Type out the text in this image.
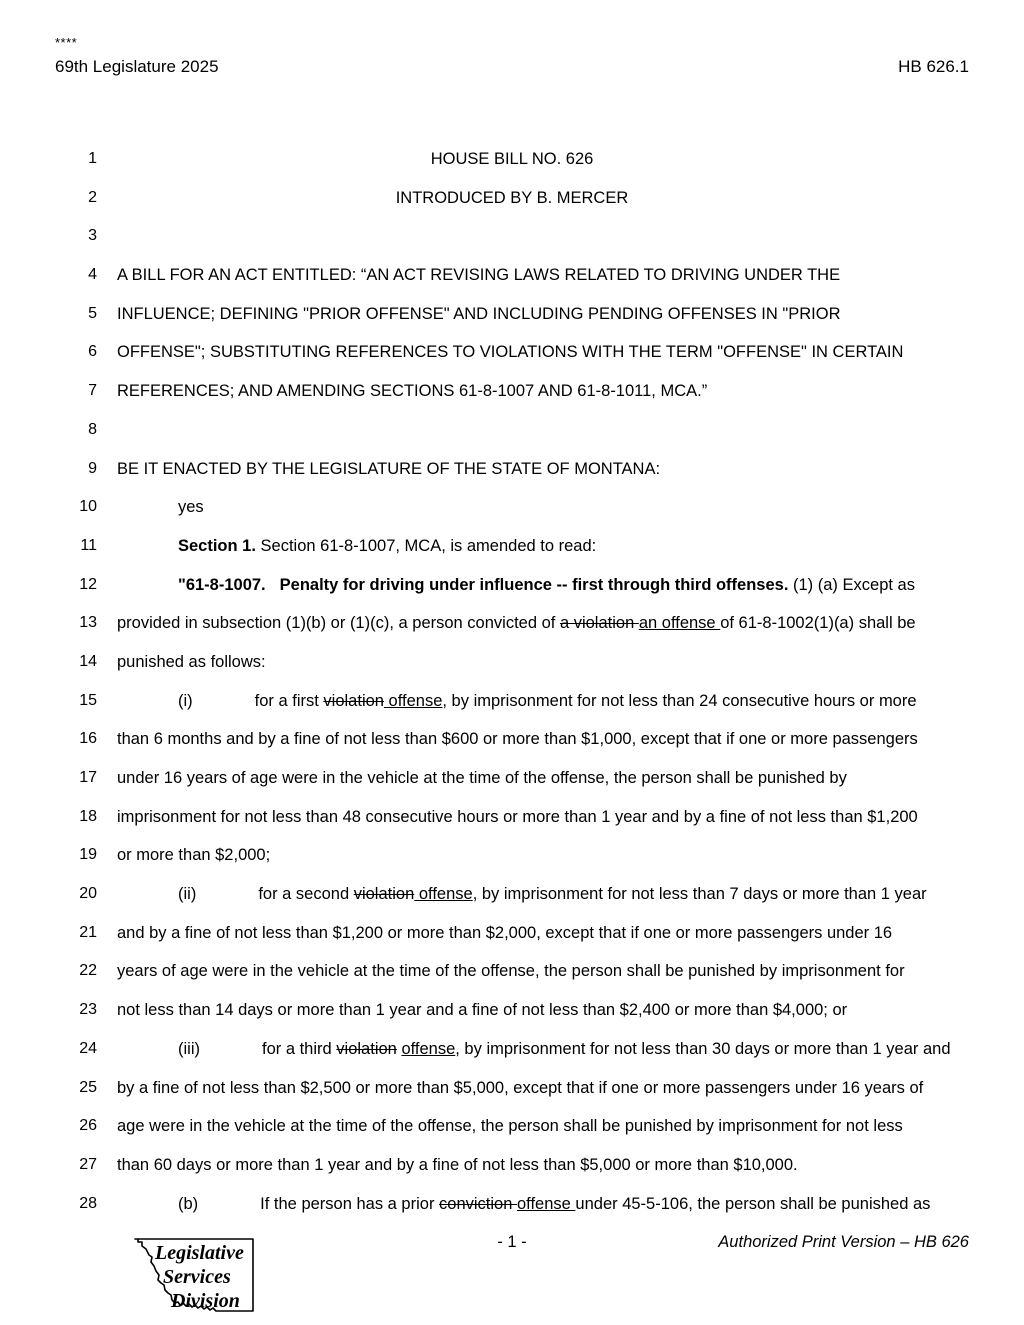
****
69th Legislature 2025	HB 626.1
1	HOUSE BILL NO. 626
2	INTRODUCED BY B. MERCER
3
4 A BILL FOR AN ACT ENTITLED: “AN ACT REVISING LAWS RELATED TO DRIVING UNDER THE
5 INFLUENCE; DEFINING "PRIOR OFFENSE" AND INCLUDING PENDING OFFENSES IN "PRIOR
6 OFFENSE"; SUBSTITUTING REFERENCES TO VIOLATIONS WITH THE TERM "OFFENSE" IN CERTAIN
7 REFERENCES; AND AMENDING SECTIONS 61-8-1007 AND 61-8-1011, MCA.”
8
9 BE IT ENACTED BY THE LEGISLATURE OF THE STATE OF MONTANA:
10	yes
11	Section 1. Section 61-8-1007, MCA, is amended to read:
12	"61-8-1007. Penalty for driving under influence -- first through third offenses. (1) (a) Except as
13 provided in subsection (1)(b) or (1)(c), a person convicted of a violation an offense of 61-8-1002(1)(a) shall be
14 punished as follows:
15	(i)	for a first violation offense, by imprisonment for not less than 24 consecutive hours or more
16 than 6 months and by a fine of not less than $600 or more than $1,000, except that if one or more passengers
17 under 16 years of age were in the vehicle at the time of the offense, the person shall be punished by
18 imprisonment for not less than 48 consecutive hours or more than 1 year and by a fine of not less than $1,200
19 or more than $2,000;
20	(ii)	for a second violation offense, by imprisonment for not less than 7 days or more than 1 year
21 and by a fine of not less than $1,200 or more than $2,000, except that if one or more passengers under 16
22 years of age were in the vehicle at the time of the offense, the person shall be punished by imprisonment for
23 not less than 14 days or more than 1 year and a fine of not less than $2,400 or more than $4,000; or
24	(iii)	for a third violation offense, by imprisonment for not less than 30 days or more than 1 year and
25 by a fine of not less than $2,500 or more than $5,000, except that if one or more passengers under 16 years of
26 age were in the vehicle at the time of the offense, the person shall be punished by imprisonment for not less
27 than 60 days or more than 1 year and by a fine of not less than $5,000 or more than $10,000.
28	(b)	If the person has a prior conviction offense under 45-5-106, the person shall be punished as
Legislative
Services
Division
- 1 -	Authorized Print Version – HB 626
